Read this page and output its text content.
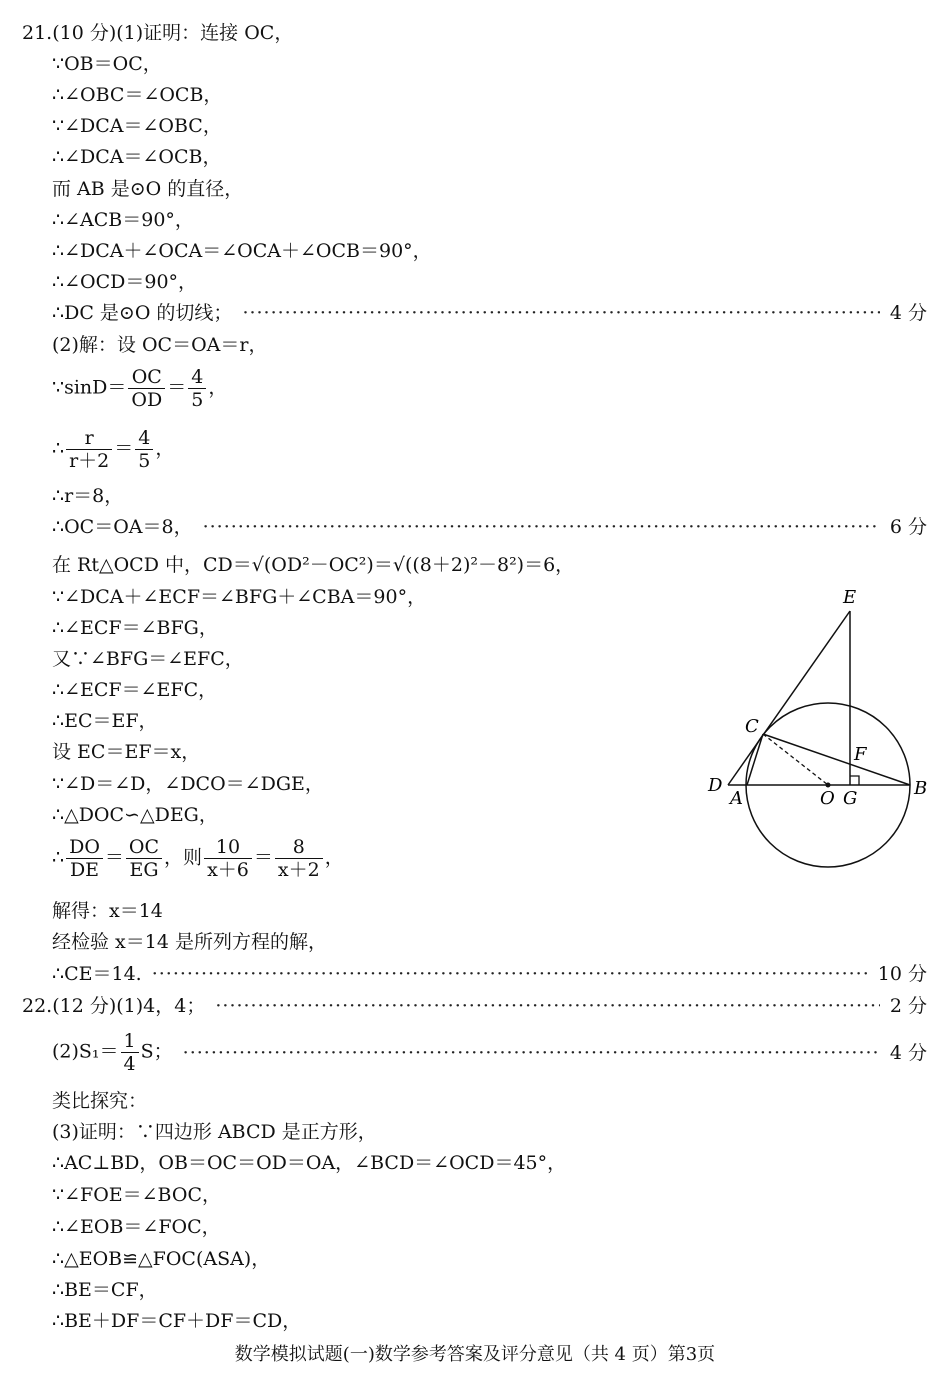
21.(10 分)(1)证明：连接 OC，
∵OB＝OC，
∴∠OBC＝∠OCB，
∵∠DCA＝∠OBC，
∴∠DCA＝∠OCB，
而 AB 是⊙O 的直径，
∴∠ACB＝90°，
∴∠DCA＋∠OCA＝∠OCA＋∠OCB＝90°，
∴∠OCD＝90°，
∴DC 是⊙O 的切线； ·····	4 分
(2)解：设 OC＝OA＝r，
∵sinD＝ $\frac{OC}{OD} = \frac{4}{5}$ ，
∴ $\frac{r}{r+2} = \frac{4}{5}$ ，
∴r＝8，
∴OC＝OA＝8， ·····	6 分
在 Rt△OCD 中，CD＝√(OD²－OC²)＝√((8＋2)²－8²)＝6，
∵∠DCA＋∠ECF＝∠BFG＋∠CBA＝90°，
∴∠ECF＝∠BFG，
又∵∠BFG＝∠EFC，
∴∠ECF＝∠EFC，
∴EC＝EF，
设 EC＝EF＝x，
∵∠D＝∠D，∠DCO＝∠DGE，
∴△DOC∽△DEG，
∴ $\frac{DO}{DE} = \frac{OC}{EG}$ ，则 $\frac{10}{x+6} = \frac{8}{x+2}$ ，
解得：x＝14
经检验 x＝14 是所列方程的解，
∴CE＝14. ·····	10 分
E
C
F
D
A	O G	B
22.(12 分)(1)4，4； ·····	2 分
$(2)S_1= \frac{1}{4}$ S； ·····	4 分
类比探究：
(3)证明：∵四边形 ABCD 是正方形，
∴AC⊥BD，OB＝OC＝OD＝OA，∠BCD＝∠OCD＝45°，
∵∠FOE＝∠BOC，
∴∠EOB＝∠FOC，
∴△EOB≌△FOC(ASA)，
∴BE＝CF，
∴BE＋DF＝CF＋DF＝CD，
数学模拟试题(一)数学参考答案及评分意见（共 4 页）第3页
